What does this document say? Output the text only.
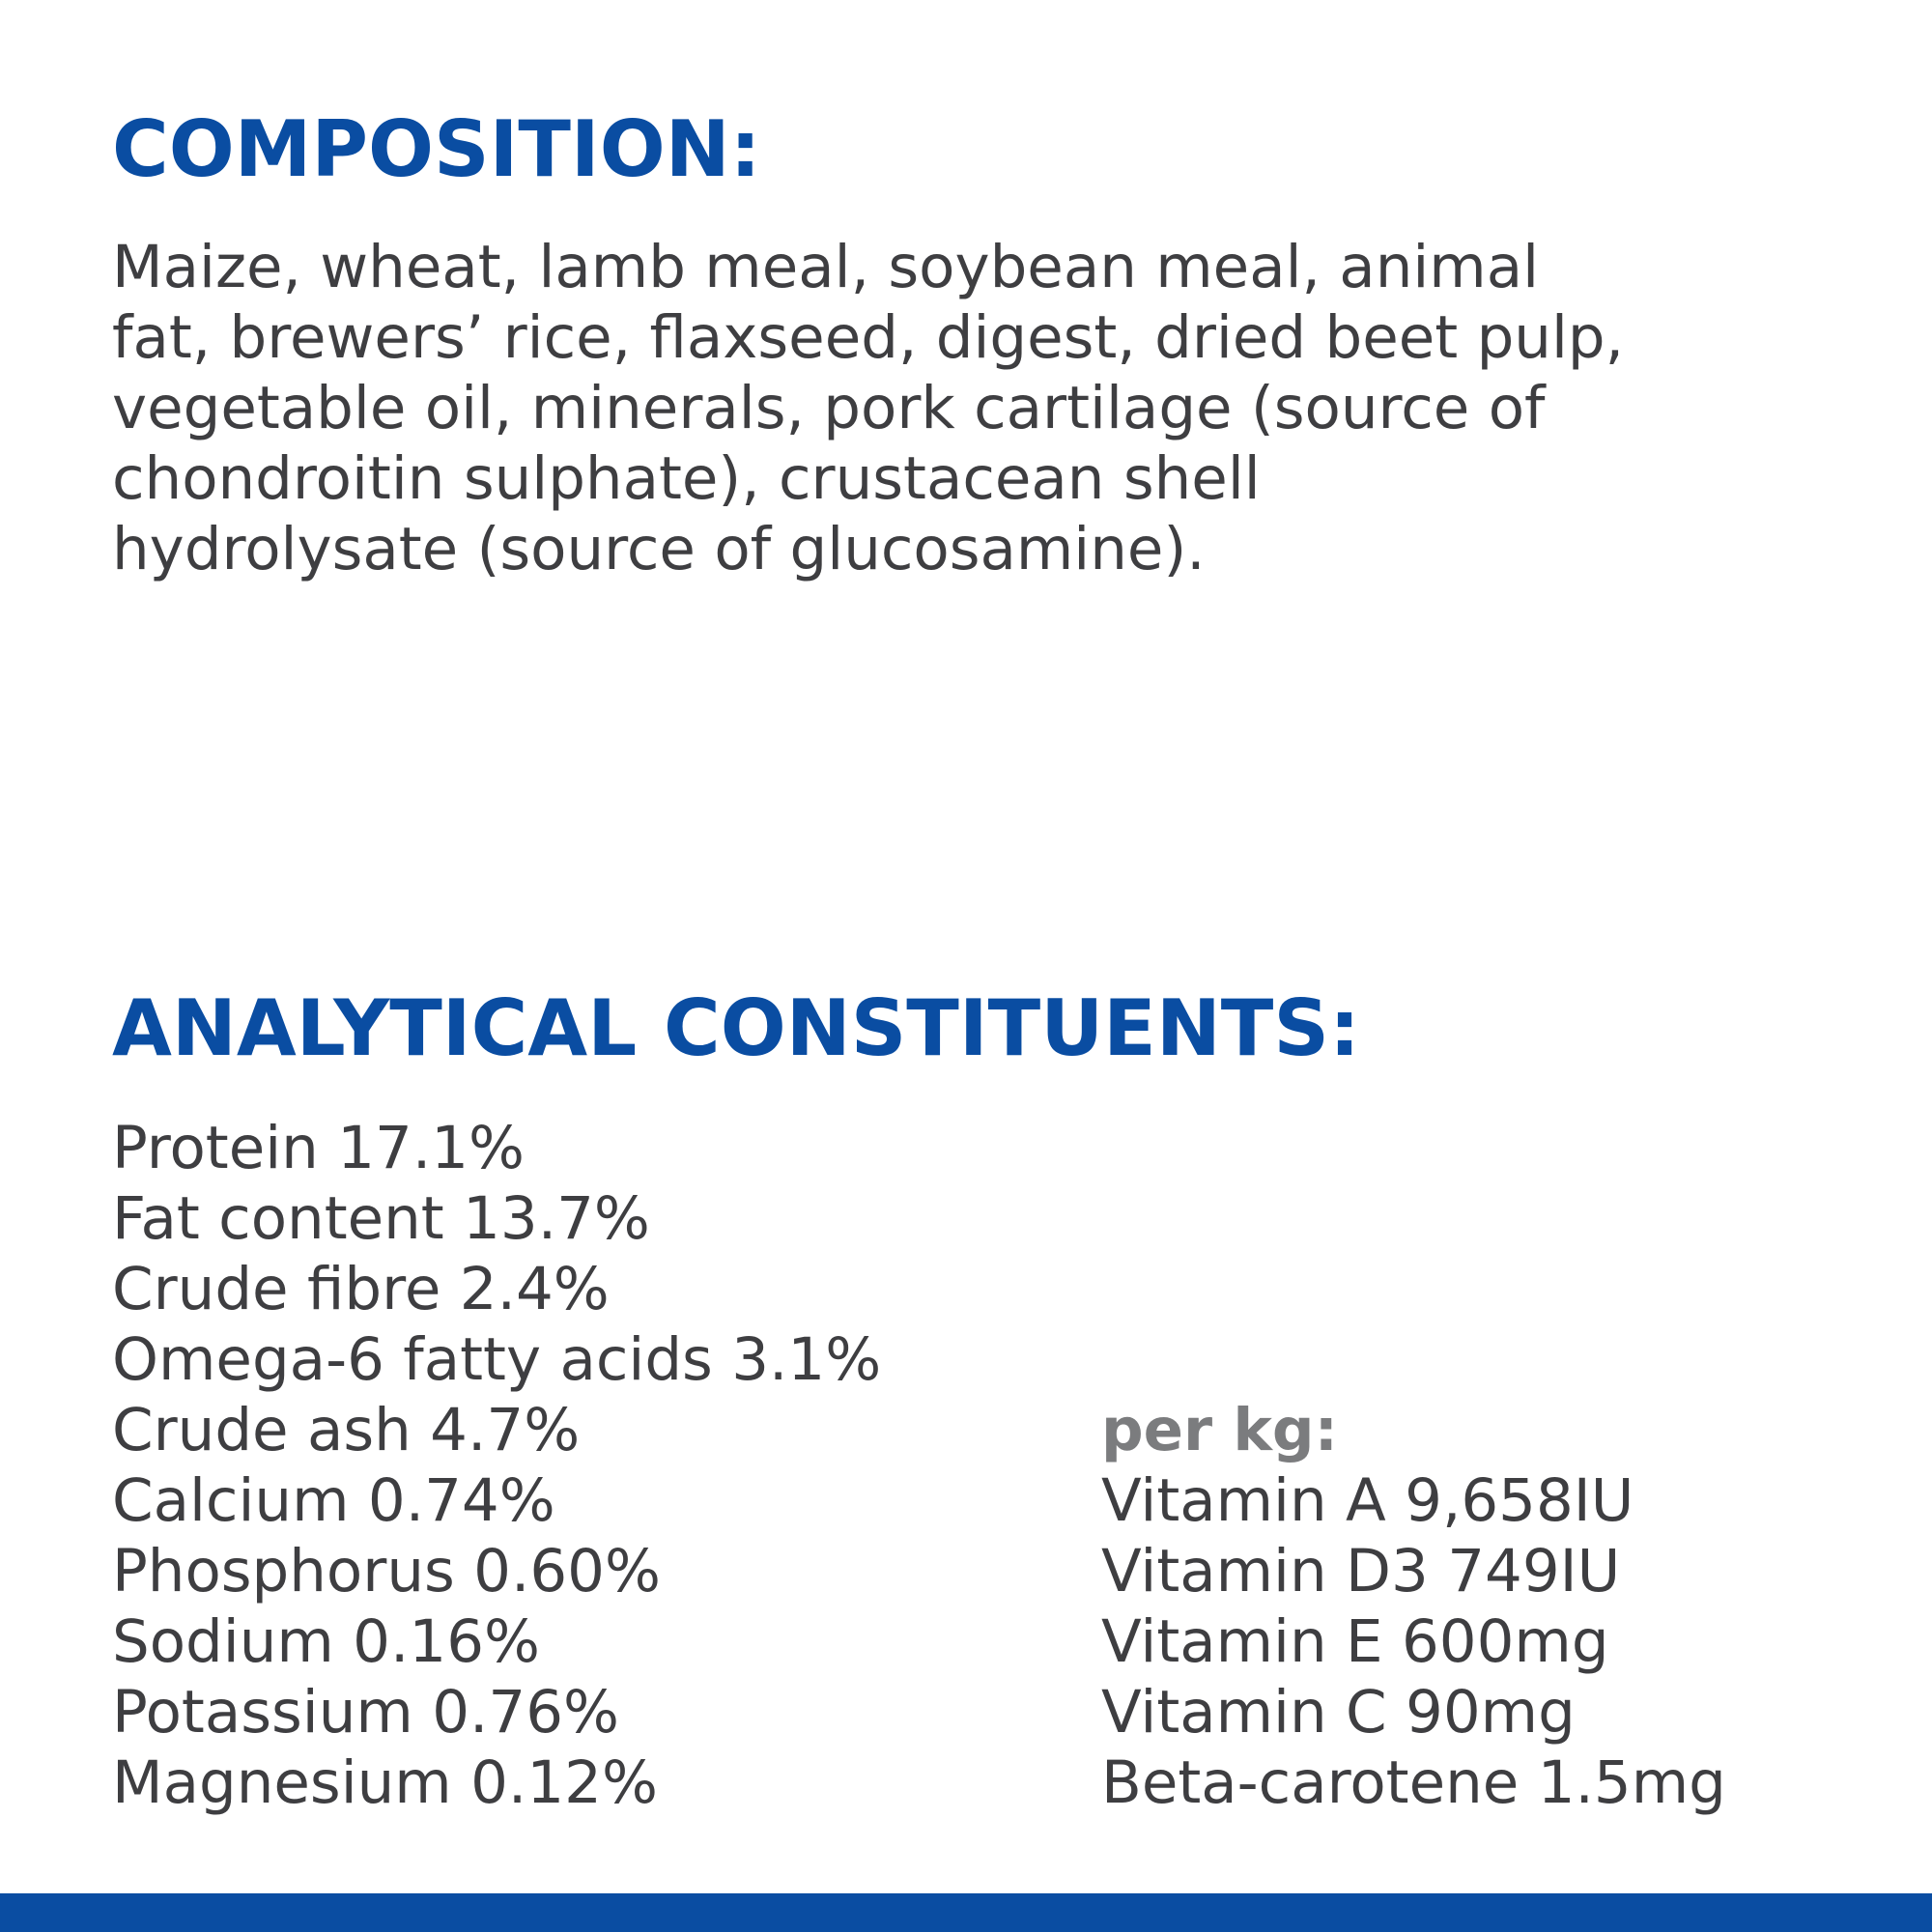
COMPOSITION:
Maize, wheat, lamb meal, soybean meal, animal
fat, brewers’ rice, flaxseed, digest, dried beet pulp,
vegetable oil, minerals, pork cartilage (source of
chondroitin sulphate), crustacean shell
hydrolysate (source of glucosamine).
ANALYTICAL CONSTITUENTS:
Protein 17.1%
Fat content 13.7%
Crude fibre 2.4%
Omega-6 fatty acids 3.1%
Crude ash 4.7%
Calcium 0.74%
Phosphorus 0.60%
Sodium 0.16%
Potassium 0.76%
Magnesium 0.12%
per kg:
Vitamin A 9,658IU
Vitamin D3 749IU
Vitamin E 600mg
Vitamin C 90mg
Beta-carotene 1.5mg
